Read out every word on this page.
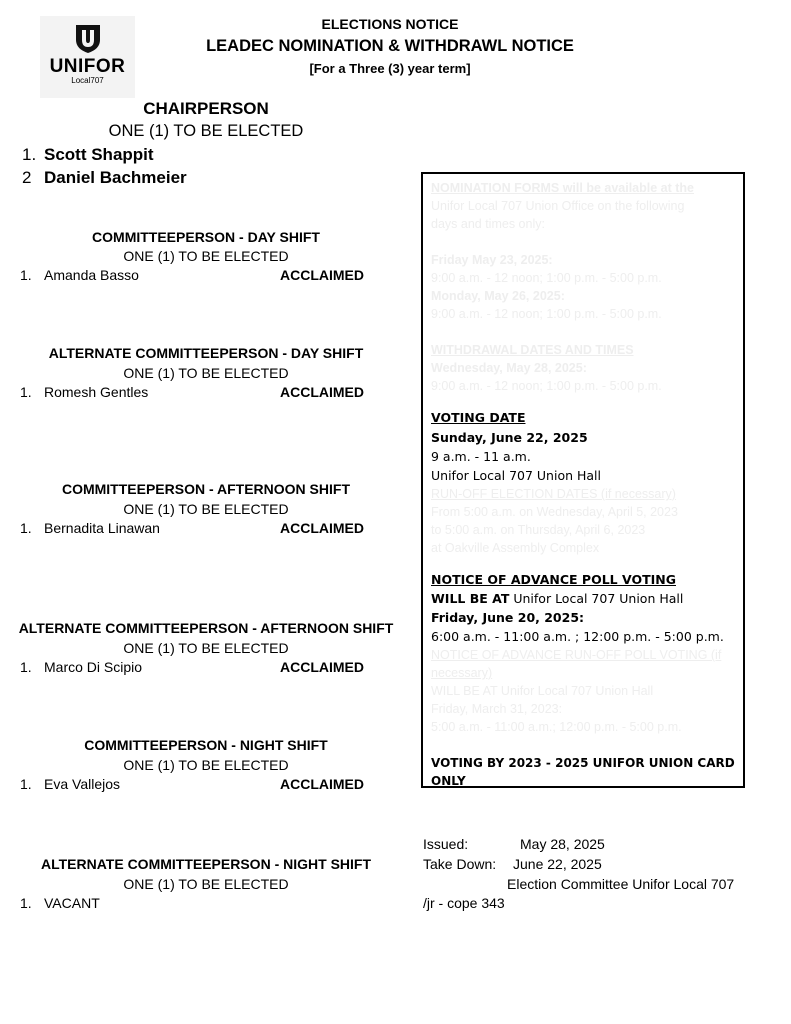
UNIFOR
Local707
ELECTIONS NOTICE
LEADEC NOMINATION & WITHDRAWL NOTICE
[For a Three (3) year term]
CHAIRPERSON
ONE (1) TO BE ELECTED
1. Scott Shappit
2 Daniel Bachmeier
COMMITTEEPERSON - DAY SHIFT
ONE (1) TO BE ELECTED
1. Amanda Basso	ACCLAIMED
ALTERNATE COMMITTEEPERSON - DAY SHIFT
ONE (1) TO BE ELECTED
1. Romesh Gentles	ACCLAIMED
COMMITTEEPERSON - AFTERNOON SHIFT
ONE (1) TO BE ELECTED
1. Bernadita Linawan	ACCLAIMED
ALTERNATE COMMITTEEPERSON - AFTERNOON SHIFT
ONE (1) TO BE ELECTED
1. Marco Di Scipio	ACCLAIMED
COMMITTEEPERSON - NIGHT SHIFT
ONE (1) TO BE ELECTED
1. Eva Vallejos	ACCLAIMED
ALTERNATE COMMITTEEPERSON - NIGHT SHIFT
ONE (1) TO BE ELECTED
1. VACANT
NOMINATION FORMS will be available at the
Unifor Local 707 Union Office on the following
days and times only:
Friday May 23, 2025:
9:00 a.m. - 12 noon; 1:00 p.m. - 5:00 p.m.
Monday, May 26, 2025:
9:00 a.m. - 12 noon; 1:00 p.m. - 5:00 p.m.
WITHDRAWAL DATES AND TIMES
Wednesday, May 28, 2025:
9:00 a.m. - 12 noon; 1:00 p.m. - 5:00 p.m.
VOTING DATE
Sunday, June 22, 2025
9 a.m. - 11 a.m.
Unifor Local 707 Union Hall
RUN-OFF ELECTION DATES (if necessary)
From 5:00 a.m. on Wednesday, April 5, 2023
to 5:00 a.m. on Thursday, April 6, 2023
at Oakville Assembly Complex
NOTICE OF ADVANCE POLL VOTING
WILL BE AT Unifor Local 707 Union Hall
Friday, June 20, 2025:
6:00 a.m. - 11:00 a.m. ; 12:00 p.m. - 5:00 p.m.
NOTICE OF ADVANCE RUN-OFF POLL VOTING (if
necessary)
WILL BE AT Unifor Local 707 Union Hall
Friday, March 31, 2023:
5:00 a.m. - 11:00 a.m.; 12:00 p.m. - 5:00 p.m.
VOTING BY 2023 - 2025 UNIFOR UNION CARD
ONLY
Issued:	May 28, 2025
Take Down: June 22, 2025
Election Committee Unifor Local 707
/jr - cope 343
